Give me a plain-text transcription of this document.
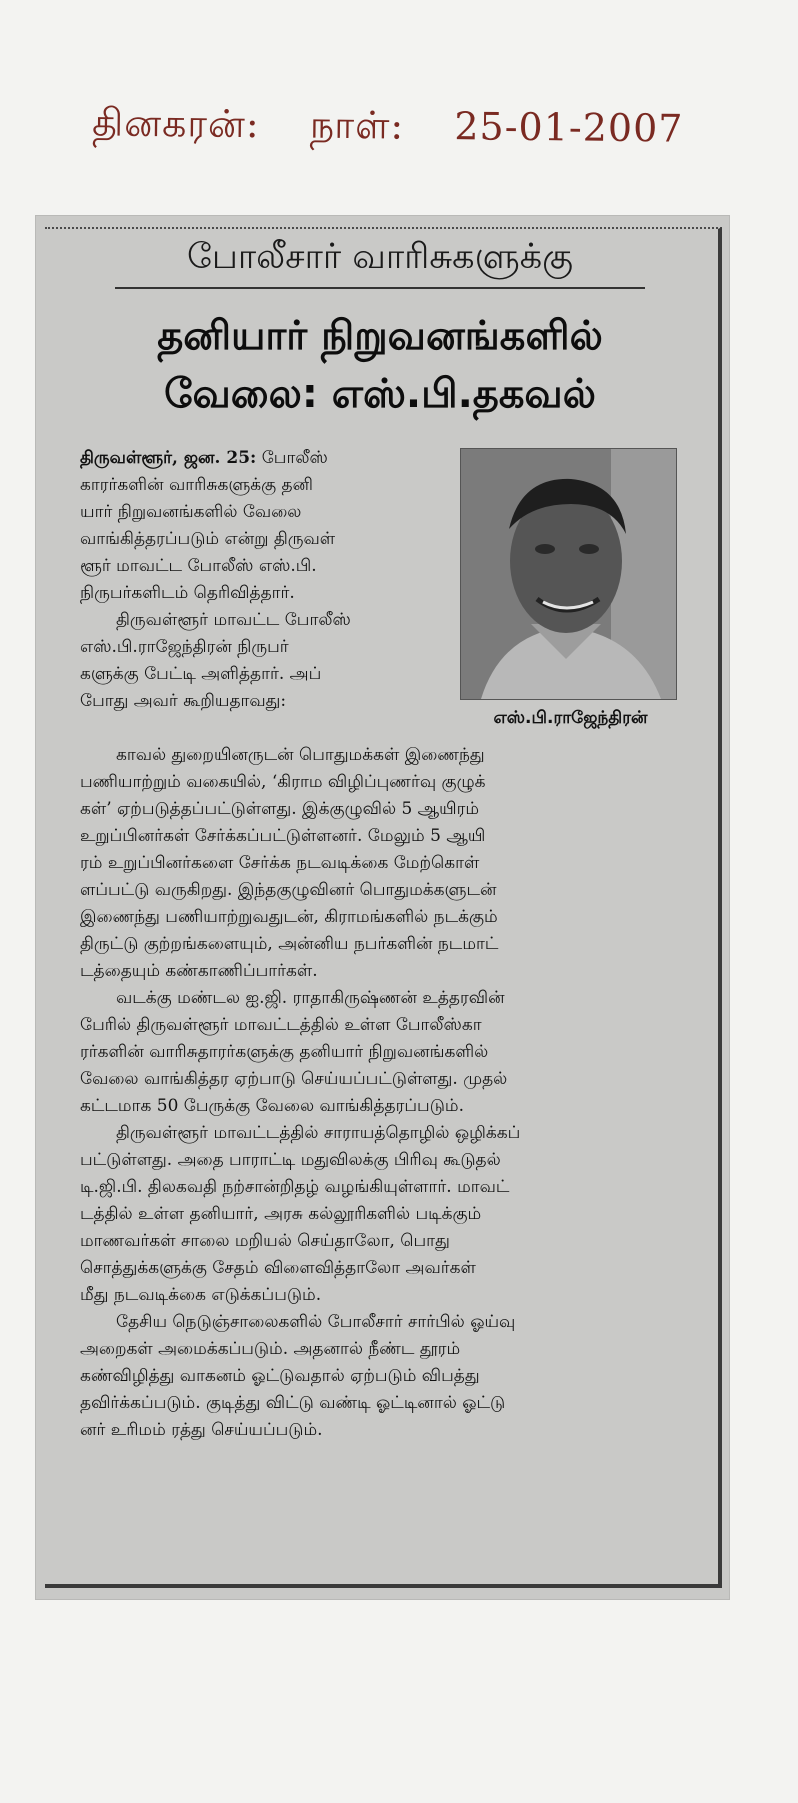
தினகரன்: நாள்: 25-01-2007
போலீசார் வாரிசுகளுக்கு
தனியார் நிறுவனங்களில்
வேலை: எஸ்.பி.தகவல்
திருவள்ளூர், ஜன. 25: போலீஸ்
காரர்களின் வாரிசுகளுக்கு தனி
யார் நிறுவனங்களில் வேலை
வாங்கித்தரப்படும் என்று திருவள்
ளூர் மாவட்ட போலீஸ் எஸ்.பி.
நிருபர்களிடம் தெரிவித்தார்.
திருவள்ளூர் மாவட்ட போலீஸ்
எஸ்.பி.ராஜேந்திரன் நிருபர்
களுக்கு பேட்டி அளித்தார். அப்
போது அவர் கூறியதாவது:
எஸ்.பி.ராஜேந்திரன்
காவல் துறையினருடன் பொதுமக்கள் இணைந்து
பணியாற்றும் வகையில், ‘கிராம விழிப்புணர்வு குழுக்
கள்’ ஏற்படுத்தப்பட்டுள்ளது. இக்குழுவில் 5 ஆயிரம்
உறுப்பினர்கள் சேர்க்கப்பட்டுள்ளனர். மேலும் 5 ஆயி
ரம் உறுப்பினர்களை சேர்க்க நடவடிக்கை மேற்கொள்
ளப்பட்டு வருகிறது. இந்தகுழுவினர் பொதுமக்களுடன்
இணைந்து பணியாற்றுவதுடன், கிராமங்களில் நடக்கும்
திருட்டு குற்றங்களையும், அன்னிய நபர்களின் நடமாட்
டத்தையும் கண்காணிப்பார்கள்.
வடக்கு மண்டல ஐ.ஜி. ராதாகிருஷ்ணன் உத்தரவின்
பேரில் திருவள்ளூர் மாவட்டத்தில் உள்ள போலீஸ்கா
ரர்களின் வாரிசுதாரர்களுக்கு தனியார் நிறுவனங்களில்
வேலை வாங்கித்தர ஏற்பாடு செய்யப்பட்டுள்ளது. முதல்
கட்டமாக 50 பேருக்கு வேலை வாங்கித்தரப்படும்.
திருவள்ளூர் மாவட்டத்தில் சாராயத்தொழில் ஒழிக்கப்
பட்டுள்ளது. அதை பாராட்டி மதுவிலக்கு பிரிவு கூடுதல்
டி.ஜி.பி. திலகவதி நற்சான்றிதழ் வழங்கியுள்ளார். மாவட்
டத்தில் உள்ள தனியார், அரசு கல்லூரிகளில் படிக்கும்
மாணவர்கள் சாலை மறியல் செய்தாலோ, பொது
சொத்துக்களுக்கு சேதம் விளைவித்தாலோ அவர்கள்
மீது நடவடிக்கை எடுக்கப்படும்.
தேசிய நெடுஞ்சாலைகளில் போலீசார் சார்பில் ஓய்வு
அறைகள் அமைக்கப்படும். அதனால் நீண்ட தூரம்
கண்விழித்து வாகனம் ஓட்டுவதால் ஏற்படும் விபத்து
தவிர்க்கப்படும். குடித்து விட்டு வண்டி ஓட்டினால் ஓட்டு
னர் உரிமம் ரத்து செய்யப்படும்.
